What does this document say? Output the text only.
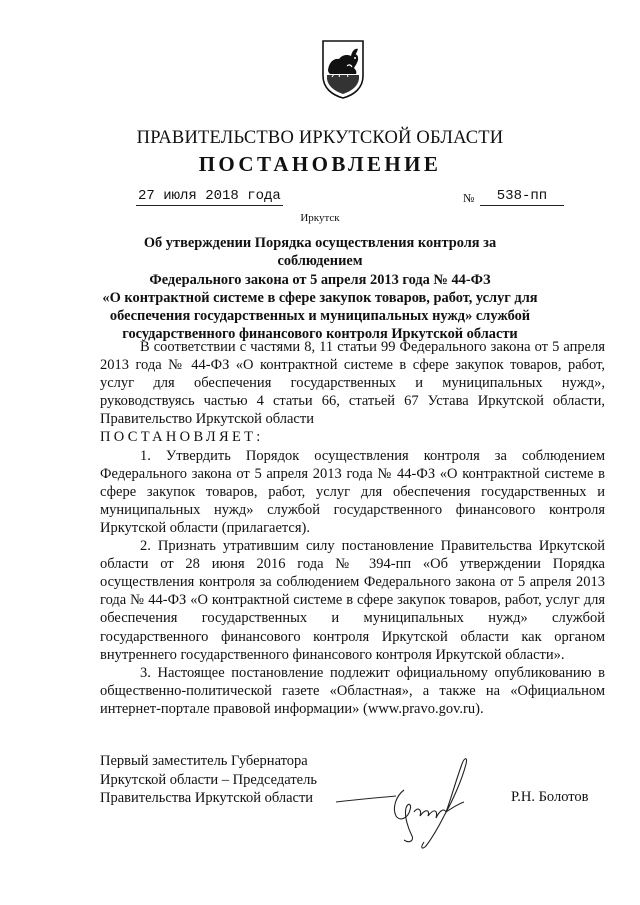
ПРАВИТЕЛЬСТВО ИРКУТСКОЙ ОБЛАСТИ
ПОСТАНОВЛЕНИЕ
27 июля 2018 года	№	538-пп
Иркутск
Об утверждении Порядка осуществления контроля за соблюдением
Федерального закона от 5 апреля 2013 года № 44-ФЗ
«О контрактной системе в сфере закупок товаров, работ, услуг для
обеспечения государственных и муниципальных нужд» службой
государственного финансового контроля Иркутской области

В соответствии с частями 8, 11 статьи 99 Федерального закона от 5 апреля 2013 года № 44-ФЗ «О контрактной системе в сфере закупок товаров, работ, услуг для обеспечения государственных и муниципальных нужд», руководствуясь частью 4 статьи 66, статьей 67 Устава Иркутской области, Правительство Иркутской области

ПОСТАНОВЛЯЕТ:

1. Утвердить Порядок осуществления контроля за соблюдением Федерального закона от 5 апреля 2013 года № 44-ФЗ «О контрактной системе в сфере закупок товаров, работ, услуг для обеспечения государственных и муниципальных нужд» службой государственного финансового контроля Иркутской области (прилагается).

2. Признать утратившим силу постановление Правительства Иркутской области от 28 июня 2016 года № 394-пп «Об утверждении Порядка осуществления контроля за соблюдением Федерального закона от 5 апреля 2013 года № 44-ФЗ «О контрактной системе в сфере закупок товаров, работ, услуг для обеспечения государственных и муниципальных нужд» службой государственного финансового контроля Иркутской области как органом внутреннего государственного финансового контроля Иркутской области».

3. Настоящее постановление подлежит официальному опубликованию в общественно-политической газете «Областная», а также на «Официальном интернет-портале правовой информации» (www.pravo.gov.ru).

Первый заместитель Губернатора
Иркутской области – Председатель
Правительства Иркутской области	Р.Н. Болотов
